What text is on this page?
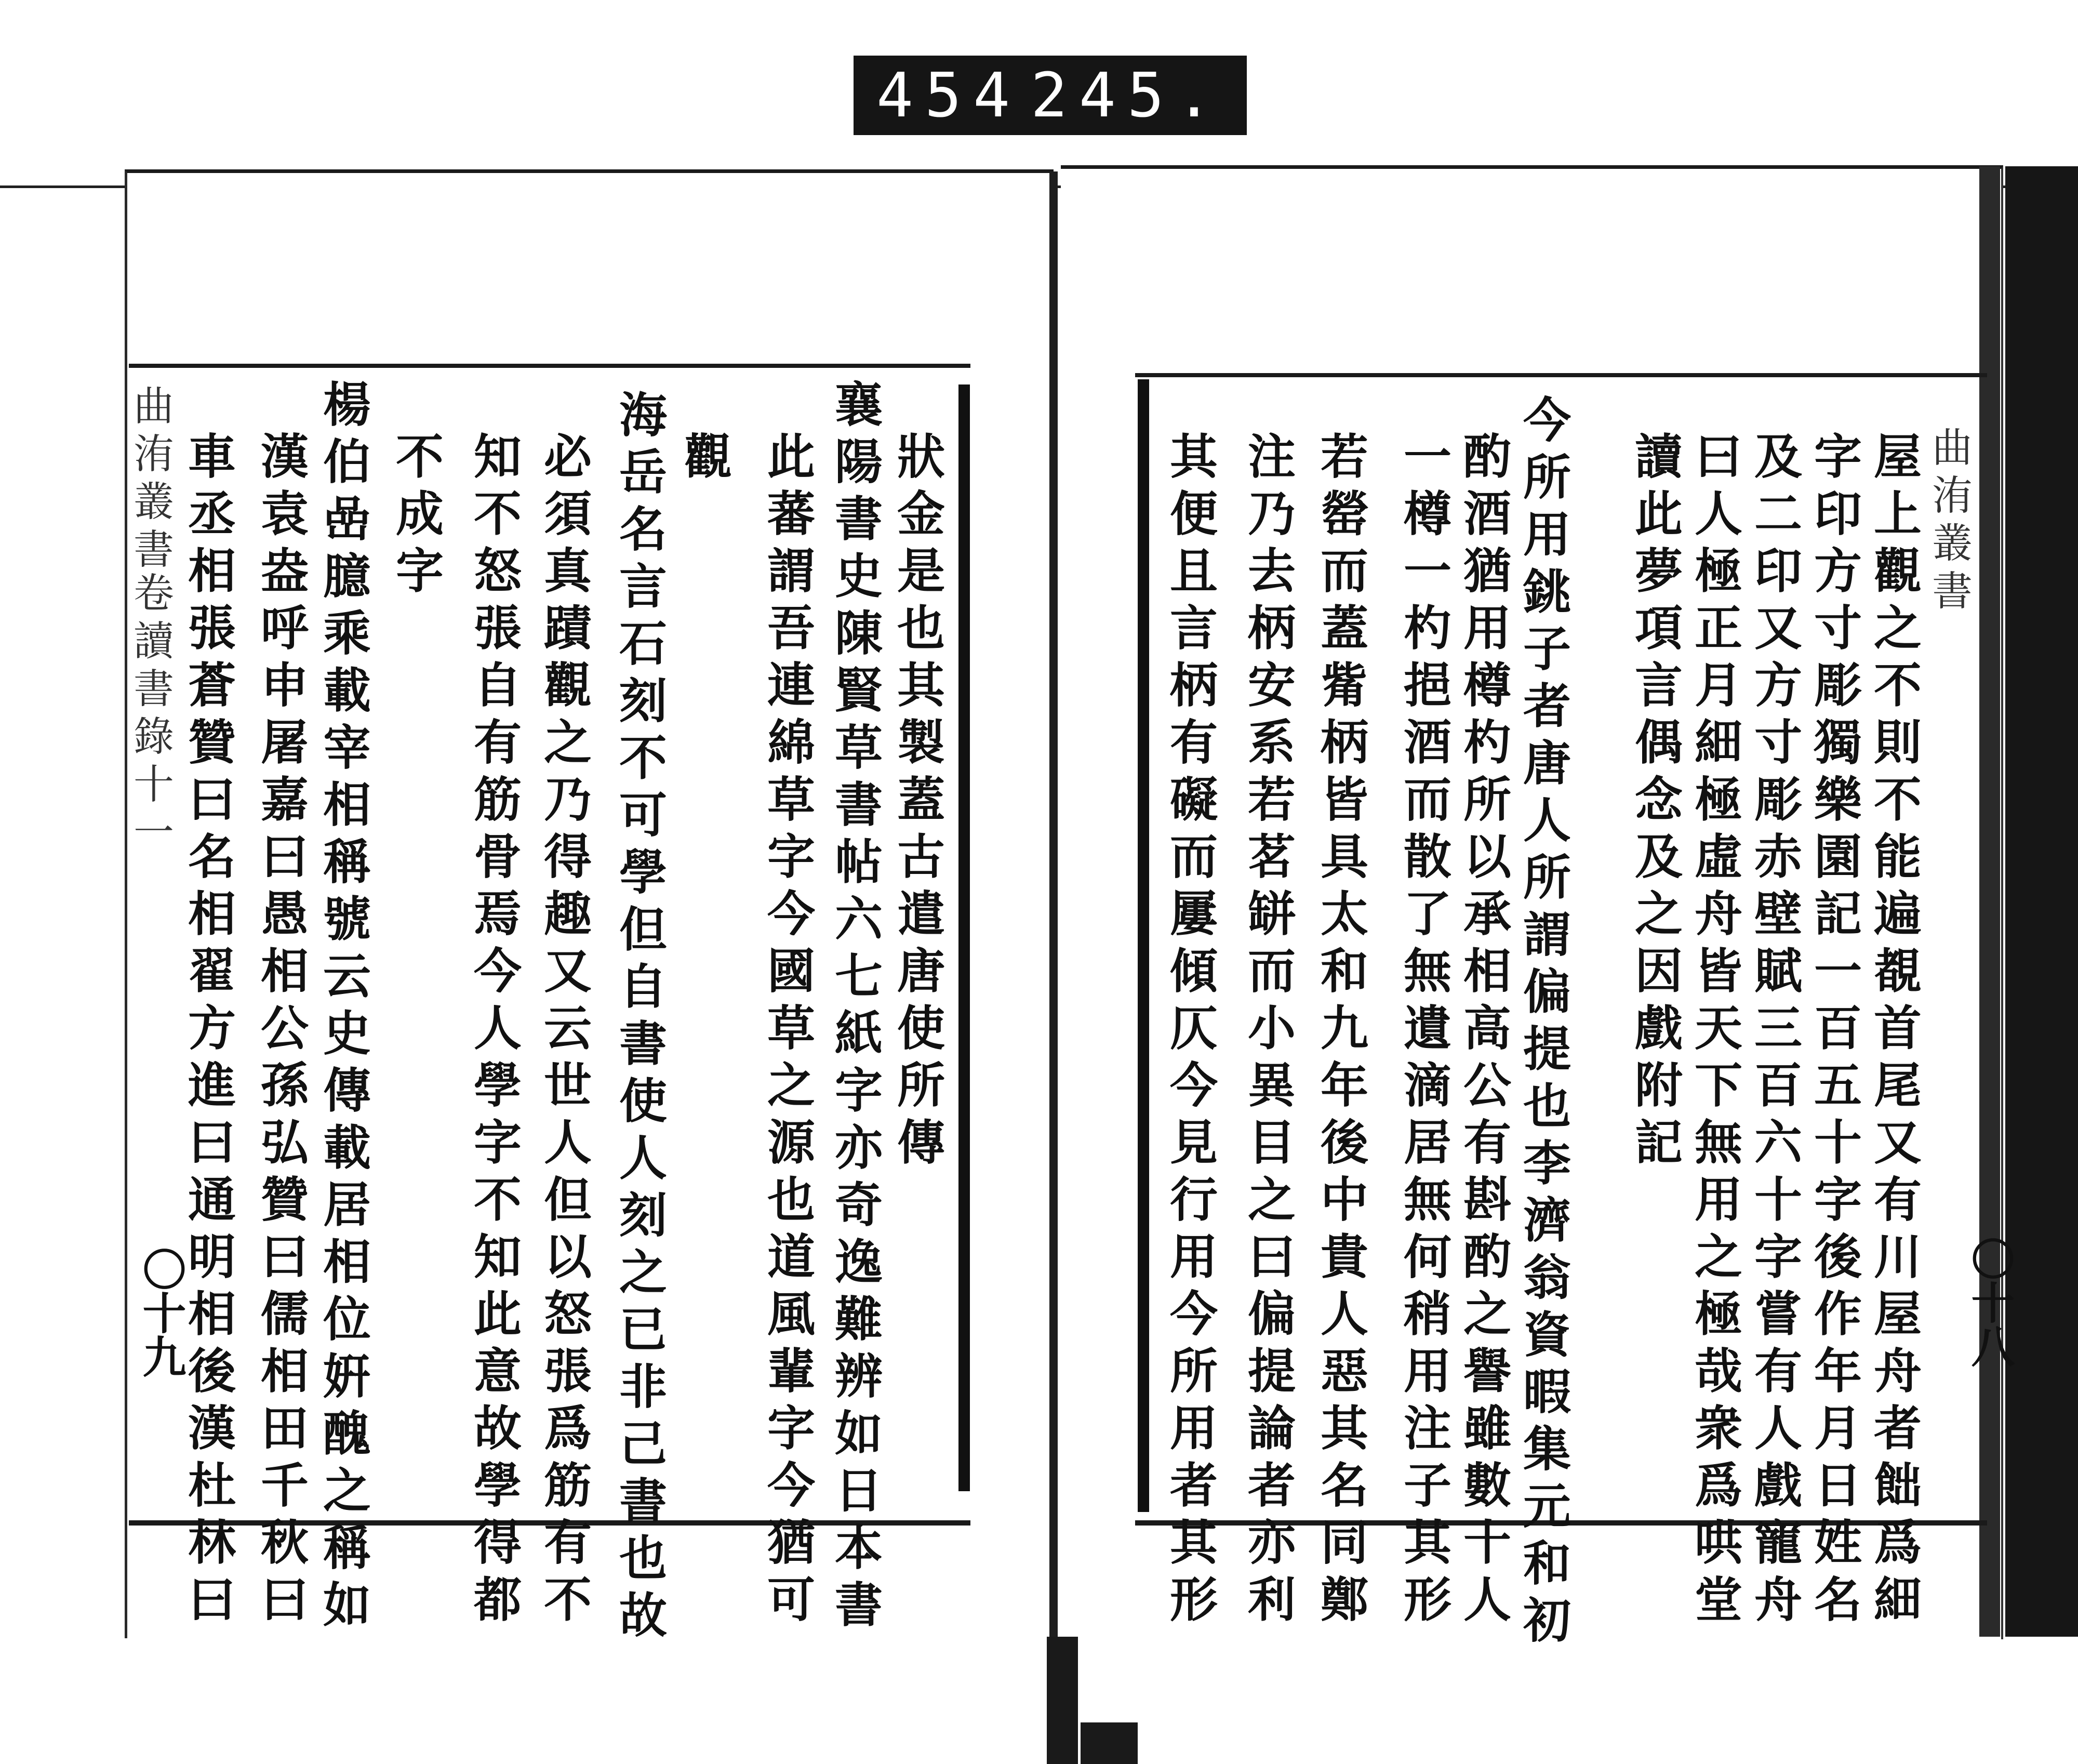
454 245.
屋上觀之不則不能遍覩首尾又有川屋舟者飿爲細
字印方寸彫獨樂園記一百五十字後作年月日姓名
及二印又方寸彫赤壁賦三百六十字嘗有人戲寵舟
曰人極正月細極虛舟皆天下無用之極哉衆爲哄堂
讀此夢項言偶念及之因戲附記
今所用銚子者唐人所謂偏提也李濟翁資暇集元和初
酌酒猶用樽杓所以承相高公有斟酌之譽雖數十人
一樽一杓挹酒而散了無遺滴居無何稍用注子其形
若罃而蓋觜柄皆具太和九年後中貴人惡其名同鄭
注乃去柄安系若茗缾而小異目之曰偏提論者亦利
其便且言柄有礙而屢傾仄今見行用今所用者其形	曲洧叢書
〇十八
狀金是也其製蓋古遣唐使所傳
襄陽書史陳賢草書帖六七紙字亦奇逸難辨如日本書
此蕃謂吾連綿草字今國草之源也道風輩字今猶可
觀
海岳名言石刻不可學但自書使人刻之已非己書也故
必須真蹟觀之乃得趣又云世人但以怒張爲筋有不
知不怒張自有筋骨焉今人學字不知此意故學得都
不成字
楊伯嵒臆乘載宰相稱號云史傳載居相位姸醜之稱如
漢袁盎呼申屠嘉曰愚相公孫弘贊曰儒相田千秋曰
車丞相張蒼贊曰名相翟方進曰通明相後漢杜林曰
曲洧叢書
卷讀書錄十一
〇十九
